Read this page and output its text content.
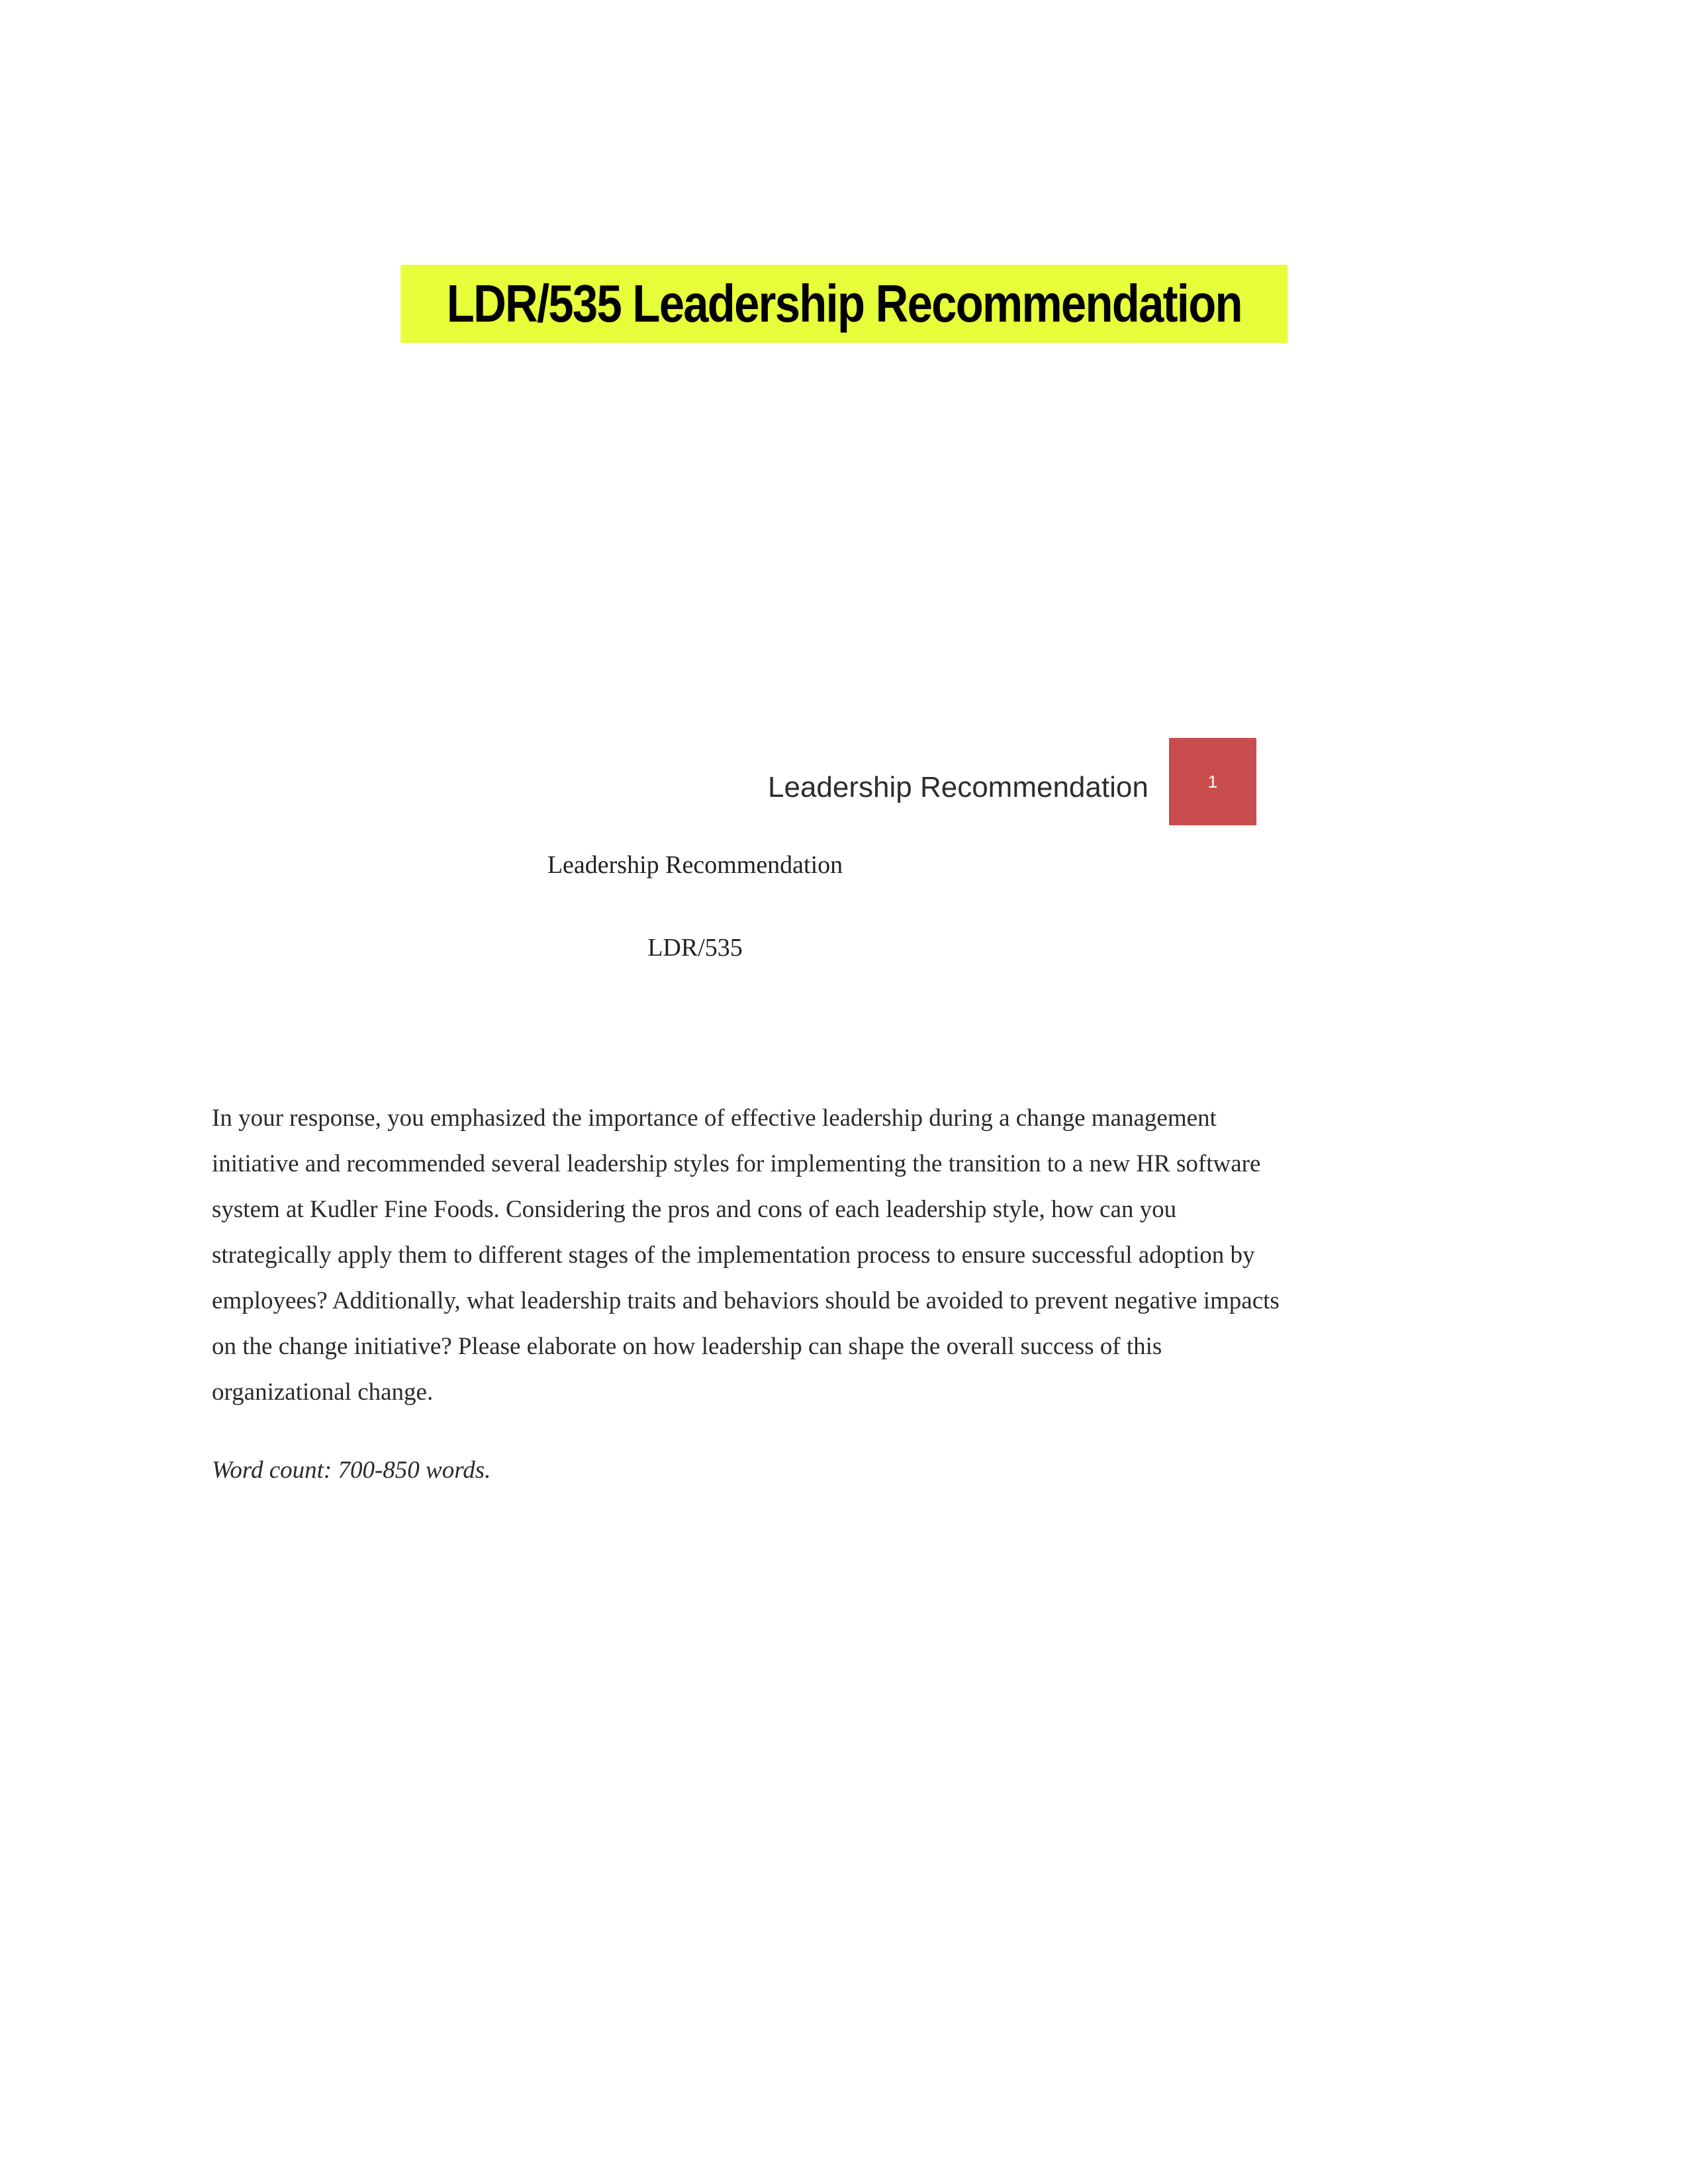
LDR/535 Leadership Recommendation
Leadership Recommendation	1
Leadership Recommendation
LDR/535

In your response, you emphasized the importance of effective leadership during a change management initiative and recommended several leadership styles for implementing the transition to a new HR software system at Kudler Fine Foods. Considering the pros and cons of each leadership style, how can you strategically apply them to different stages of the implementation process to ensure successful adoption by employees? Additionally, what leadership traits and behaviors should be avoided to prevent negative impacts on the change initiative? Please elaborate on how leadership can shape the overall success of this organizational change.

Word count: 700-850 words.
